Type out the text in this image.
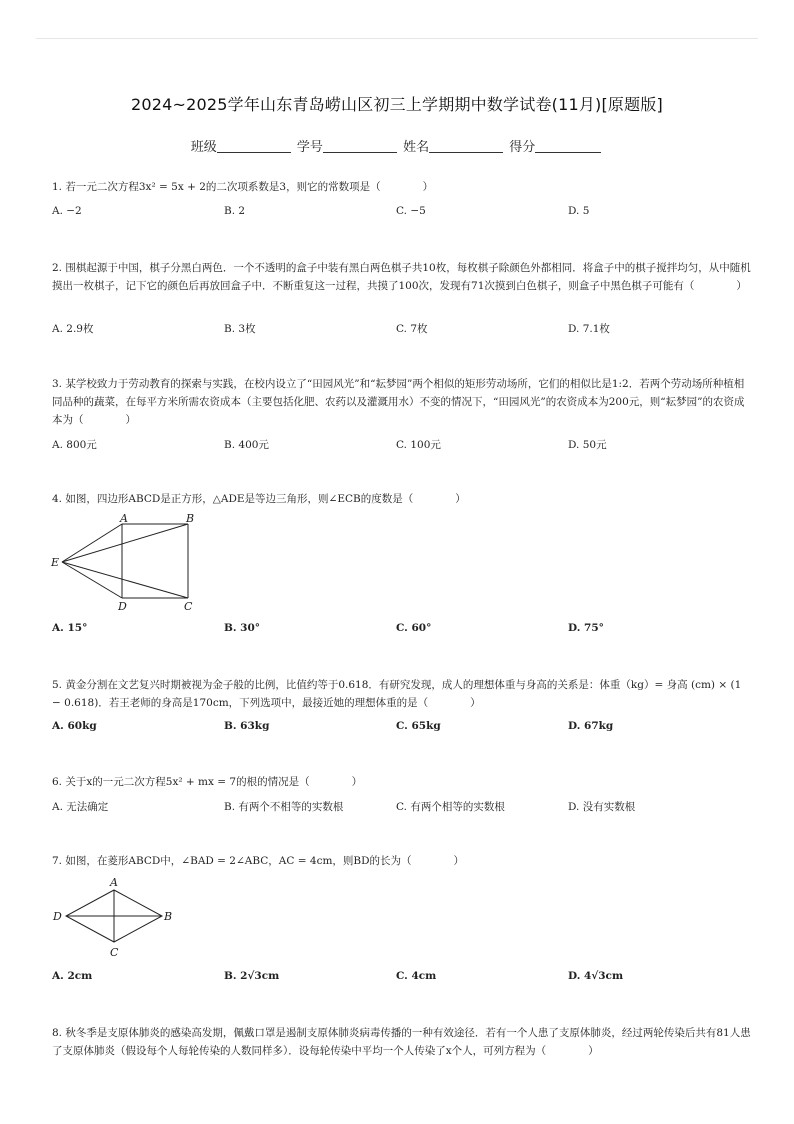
2024~2025学年山东青岛崂山区初三上学期期中数学试卷(11月)[原题版]
班级	学号	姓名	得分
1. 若一元二次方程3x² = 5x + 2的二次项系数是3，则它的常数项是（　　　　）
A. −2	B. 2	C. −5	D. 5
2. 围棋起源于中国，棋子分黑白两色．一个不透明的盒子中装有黑白两色棋子共10枚，每枚棋子除颜色外都相同．将盒子中的棋子搅拌均匀，从中随机摸出一枚棋子，记下它的颜色后再放回盒子中．不断重复这一过程，共摸了100次，发现有71次摸到白色棋子，则盒子中黑色棋子可能有（　　　　）
A. 2.9枚	B. 3枚	C. 7枚	D. 7.1枚
3. 某学校致力于劳动教育的探索与实践，在校内设立了“田园风光”和“耘梦园”两个相似的矩形劳动场所，它们的相似比是1:2．若两个劳动场所种植相同品种的蔬菜，在每平方米所需农资成本（主要包括化肥、农药以及灌溉用水）不变的情况下，“田园风光”的农资成本为200元，则“耘梦园”的农资成本为（　　　　）
A. 800元	B. 400元	C. 100元	D. 50元
4. 如图，四边形ABCD是正方形，△ADE是等边三角形，则∠ECB的度数是（　　　　）
A	B
E
D	C
A. 15°	B. 30°	C. 60°	D. 75°
5. 黄金分割在文艺复兴时期被视为金子般的比例，比值约等于0.618．有研究发现，成人的理想体重与身高的关系是：体重（kg）= 身高 (cm) × (1 − 0.618)．若王老师的身高是170cm，下列选项中，最接近她的理想体重的是（　　　　）
A. 60kg	B. 63kg	C. 65kg	D. 67kg
6. 关于x的一元二次方程5x² + mx = 7的根的情况是（　　　　）
A. 无法确定	B. 有两个不相等的实数根	C. 有两个相等的实数根	D. 没有实数根
7. 如图，在菱形ABCD中，∠BAD = 2∠ABC，AC = 4cm，则BD的长为（　　　　）
A
D	B
C
A. 2cm	B. 2√3cm	C. 4cm	D. 4√3cm
8. 秋冬季是支原体肺炎的感染高发期，佩戴口罩是遏制支原体肺炎病毒传播的一种有效途径．若有一个人患了支原体肺炎，经过两轮传染后共有81人患了支原体肺炎（假设每个人每轮传染的人数同样多）．设每轮传染中平均一个人传染了x个人，可列方程为（　　　　）
